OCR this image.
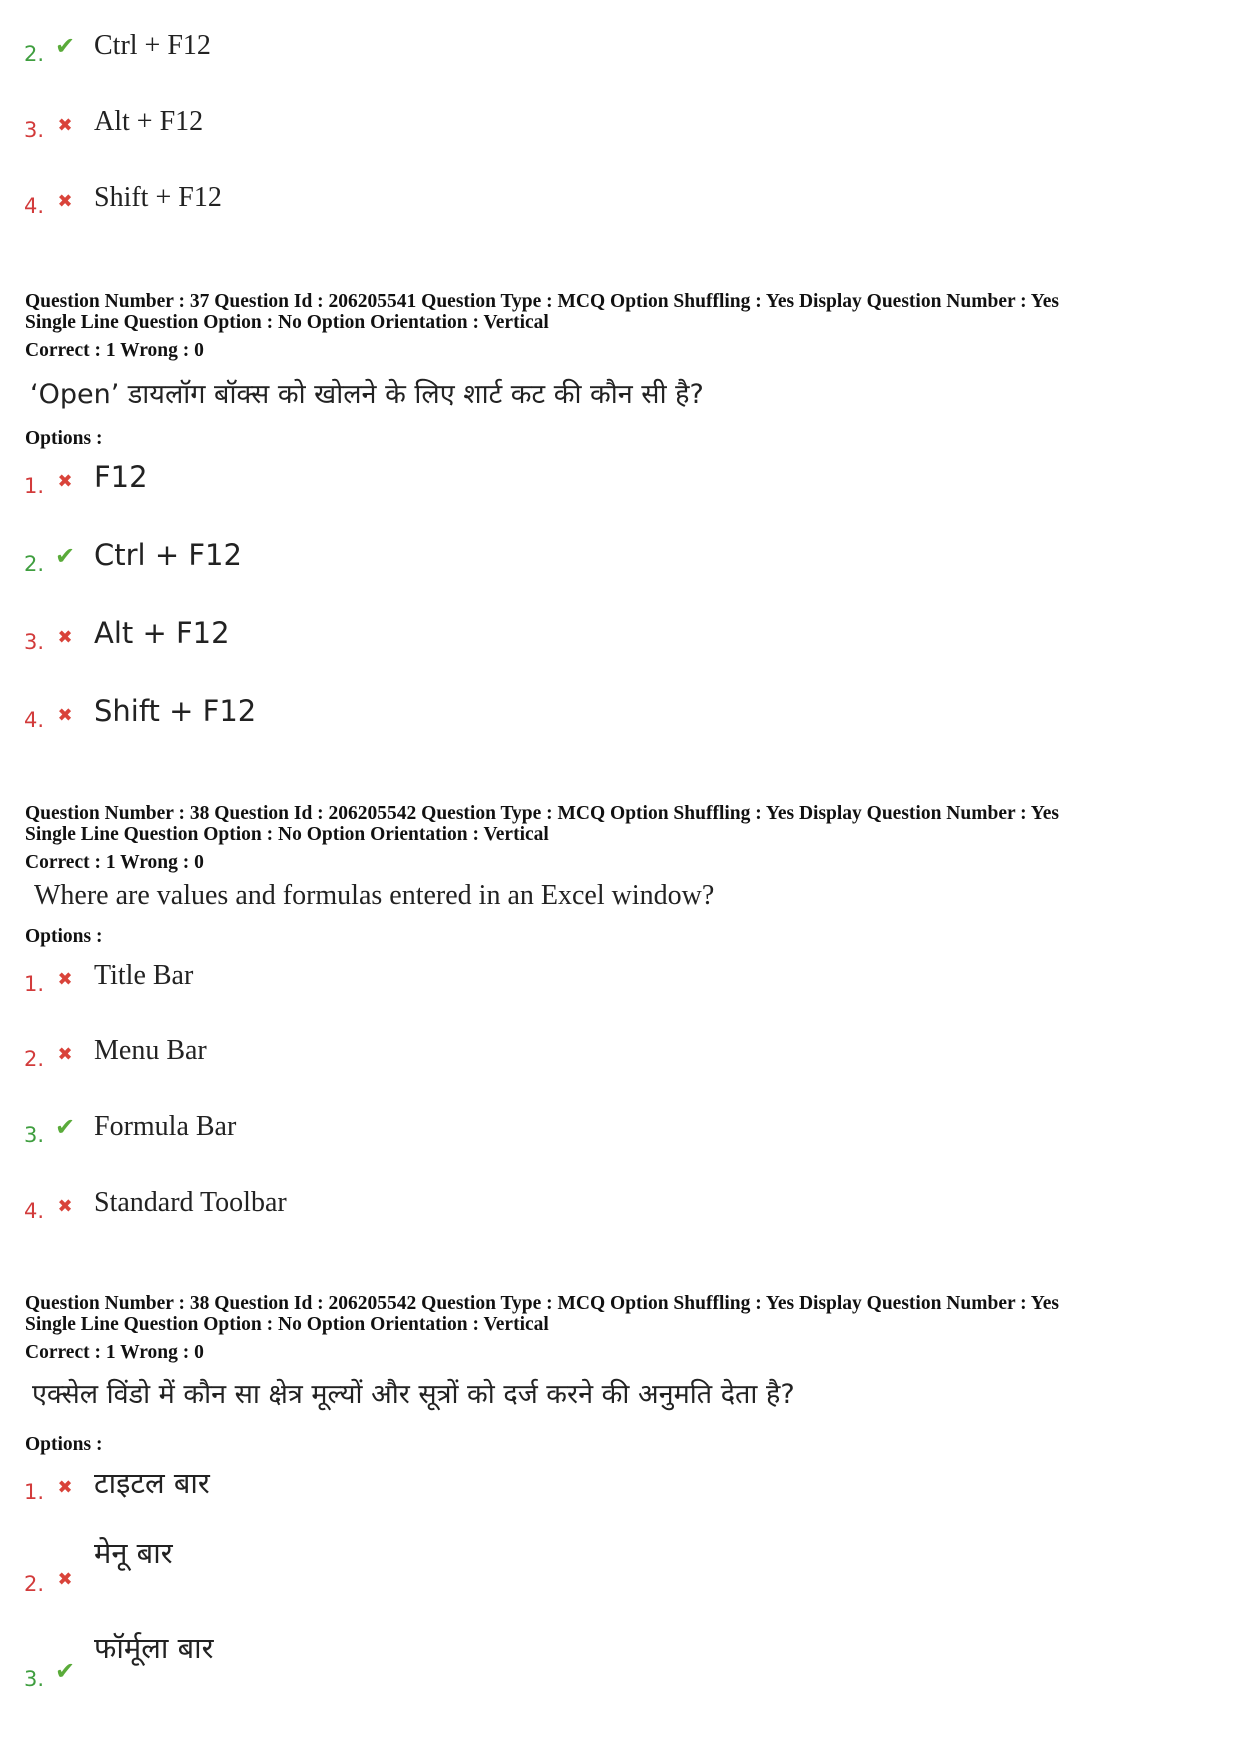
2. ✔ Ctrl + F12
3. ✖ Alt + F12
4. ✖ Shift + F12
Question Number : 37 Question Id : 206205541 Question Type : MCQ Option Shuffling : Yes Display Question Number : Yes
Single Line Question Option : No Option Orientation : Vertical
Correct : 1 Wrong : 0
‘Open’ डायलॉग बॉक्स को खोलने के लिए शार्ट कट की कौन सी है?
Options :
1. ✖ F12
2. ✔ Ctrl + F12
3. ✖ Alt + F12
4. ✖ Shift + F12
Question Number : 38 Question Id : 206205542 Question Type : MCQ Option Shuffling : Yes Display Question Number : Yes
Single Line Question Option : No Option Orientation : Vertical
Correct : 1 Wrong : 0
Where are values and formulas entered in an Excel window?
Options :
1. ✖ Title Bar
2. ✖ Menu Bar
3. ✔ Formula Bar
4. ✖ Standard Toolbar
Question Number : 38 Question Id : 206205542 Question Type : MCQ Option Shuffling : Yes Display Question Number : Yes
Single Line Question Option : No Option Orientation : Vertical
Correct : 1 Wrong : 0
एक्सेल विंडो में कौन सा क्षेत्र मूल्यों और सूत्रों को दर्ज करने की अनुमति देता है?
Options :
1. ✖ टाइटल बार
2. ✖
मेनू बार
3. ✔
फॉर्मूला बार
